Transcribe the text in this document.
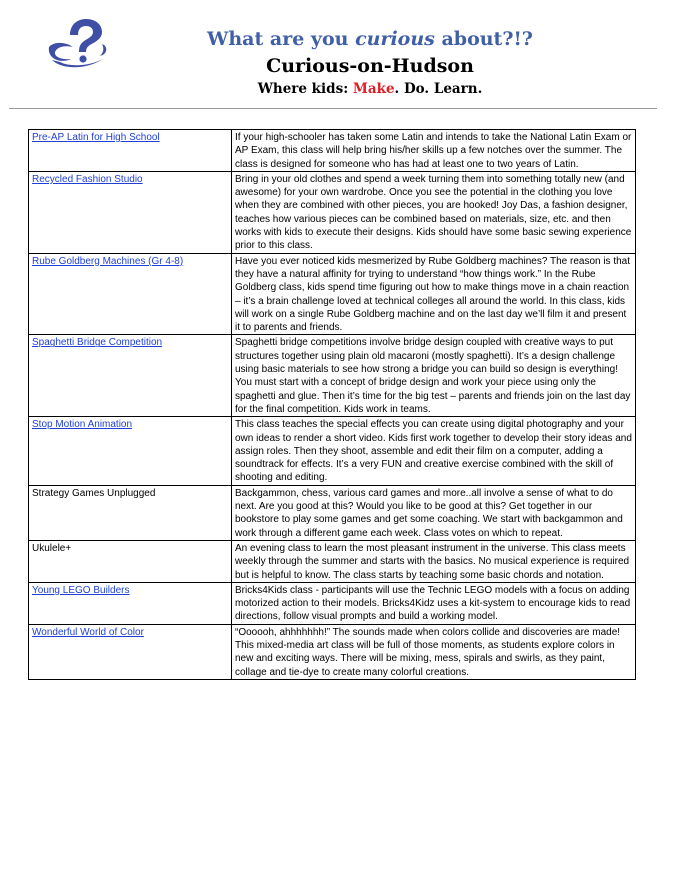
What are you curious about?!?
Curious-on-Hudson
Where kids: Make. Do. Learn.
Pre-AP Latin for High School	If your high-schooler has taken some Latin and intends to take the National Latin Exam or AP Exam, this class will help bring his/her skills up a few notches over the summer. The class is designed for someone who has had at least one to two years of Latin.
Recycled Fashion Studio	Bring in your old clothes and spend a week turning them into something totally new (and awesome) for your own wardrobe. Once you see the potential in the clothing you love when they are combined with other pieces, you are hooked! Joy Das, a fashion designer, teaches how various pieces can be combined based on materials, size, etc. and then works with kids to execute their designs. Kids should have some basic sewing experience prior to this class.
Rube Goldberg Machines (Gr 4-8)	Have you ever noticed kids mesmerized by Rube Goldberg machines? The reason is that they have a natural affinity for trying to understand “how things work.” In the Rube Goldberg class, kids spend time figuring out how to make things move in a chain reaction – it’s a brain challenge loved at technical colleges all around the world. In this class, kids will work on a single Rube Goldberg machine and on the last day we’ll film it and present it to parents and friends.
Spaghetti Bridge Competition	Spaghetti bridge competitions involve bridge design coupled with creative ways to put structures together using plain old macaroni (mostly spaghetti). It’s a design challenge using basic materials to see how strong a bridge you can build so design is everything! You must start with a concept of bridge design and work your piece using only the spaghetti and glue. Then it’s time for the big test – parents and friends join on the last day for the final competition. Kids work in teams.
Stop Motion Animation	This class teaches the special effects you can create using digital photography and your own ideas to render a short video. Kids first work together to develop their story ideas and assign roles. Then they shoot, assemble and edit their film on a computer, adding a soundtrack for effects. It’s a very FUN and creative exercise combined with the skill of shooting and editing.
Strategy Games Unplugged	Backgammon, chess, various card games and more..all involve a sense of what to do next. Are you good at this? Would you like to be good at this? Get together in our bookstore to play some games and get some coaching. We start with backgammon and work through a different game each week. Class votes on which to repeat.
Ukulele+	An evening class to learn the most pleasant instrument in the universe. This class meets weekly through the summer and starts with the basics. No musical experience is required but is helpful to know. The class starts by teaching some basic chords and notation.
Young LEGO Builders	Bricks4Kids class - participants will use the Technic LEGO models with a focus on adding motorized action to their models. Bricks4Kidz uses a kit-system to encourage kids to read directions, follow visual prompts and build a working model.
Wonderful World of Color	“Oooooh, ahhhhhhh!” The sounds made when colors collide and discoveries are made! This mixed-media art class will be full of those moments, as students explore colors in new and exciting ways. There will be mixing, mess, spirals and swirls, as they paint, collage and tie-dye to create many colorful creations.
